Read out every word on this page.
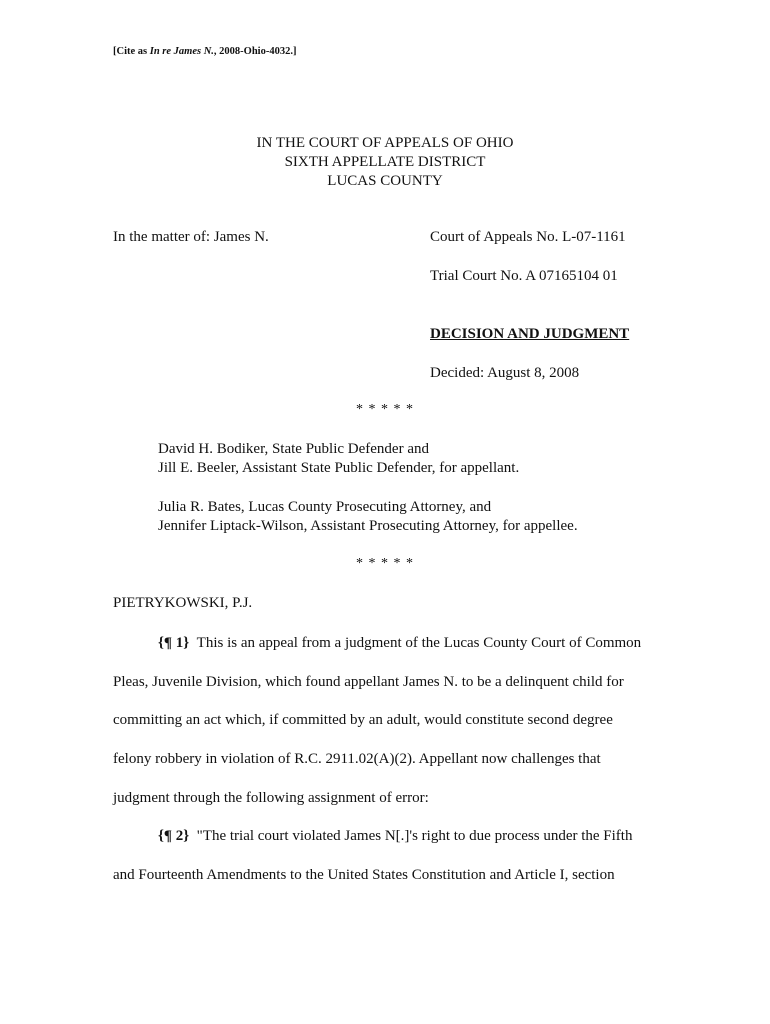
[Cite as In re James N., 2008-Ohio-4032.]
IN THE COURT OF APPEALS OF OHIO
SIXTH APPELLATE DISTRICT
LUCAS COUNTY
In the matter of: James N.	Court of Appeals No. L-07-1161
Trial Court No. A 07165104 01
DECISION AND JUDGMENT
Decided: August 8, 2008
* * * * *
David H. Bodiker, State Public Defender and
Jill E. Beeler, Assistant State Public Defender, for appellant.
Julia R. Bates, Lucas County Prosecuting Attorney, and
Jennifer Liptack-Wilson, Assistant Prosecuting Attorney, for appellee.
* * * * *
PIETRYKOWSKI, P.J.
{¶ 1} This is an appeal from a judgment of the Lucas County Court of Common
Pleas, Juvenile Division, which found appellant James N. to be a delinquent child for
committing an act which, if committed by an adult, would constitute second degree
felony robbery in violation of R.C. 2911.02(A)(2). Appellant now challenges that
judgment through the following assignment of error:
{¶ 2} "The trial court violated James N[.]'s right to due process under the Fifth
and Fourteenth Amendments to the United States Constitution and Article I, section
